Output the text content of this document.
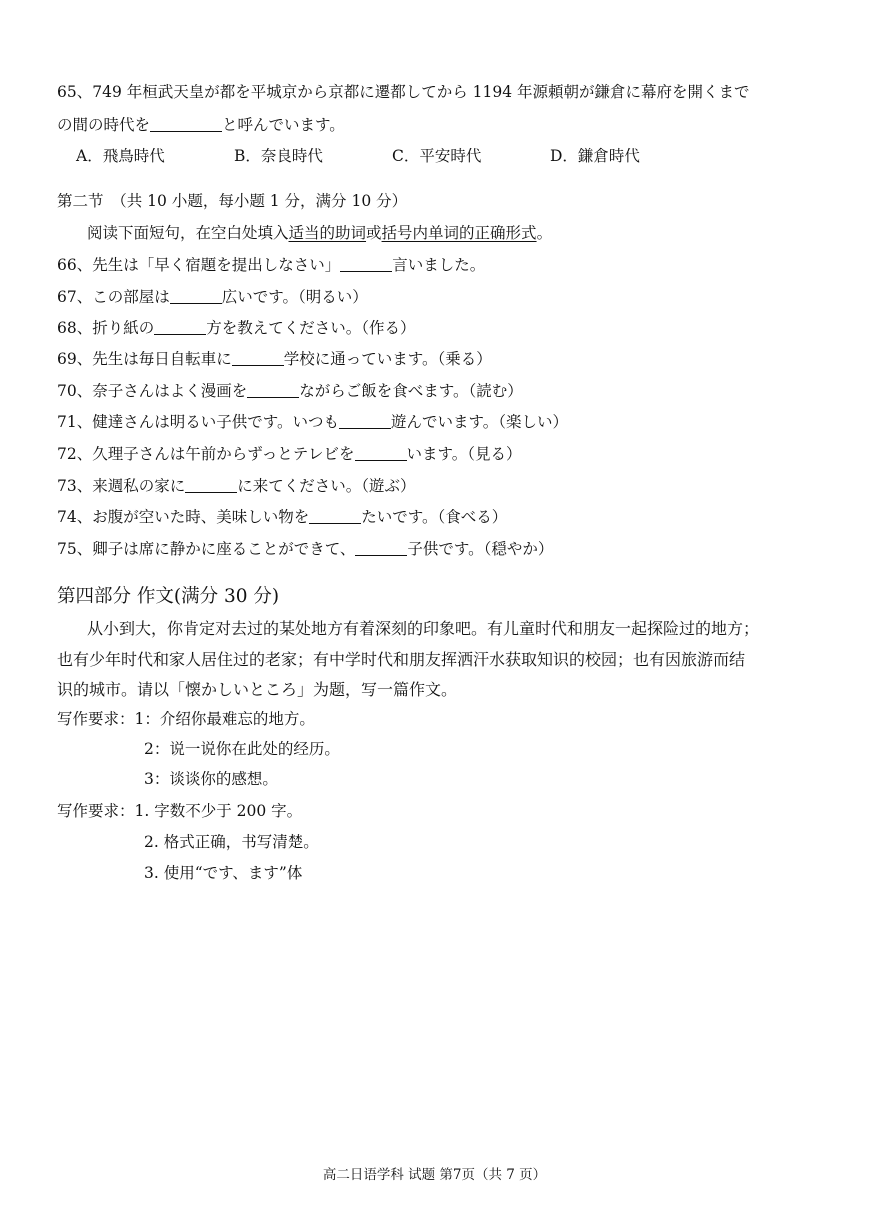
65、749 年桓武天皇が都を平城京から京都に遷都してから 1194 年源頼朝が鎌倉に幕府を開くまで
の間の時代を	と呼んでいます。
A．飛鳥時代	B．奈良時代	C．平安時代	D．鎌倉時代
第二节　（共 10 小题，每小题 1 分，满分 10 分）
阅读下面短句，在空白处填入适当的助词或括号内单词的正确形式。
66、先生は「早く宿題を提出しなさい」	言いました。
67、この部屋は	広いです。（明るい）
68、折り紙の	方を教えてください。（作る）
69、先生は毎日自転車に	学校に通っています。（乗る）
70、奈子さんはよく漫画を	ながらご飯を食べます。（読む）
71、健達さんは明るい子供です。いつも	遊んでいます。（楽しい）
72、久理子さんは午前からずっとテレビを	います。（見る）
73、来週私の家に	に来てください。（遊ぶ）
74、お腹が空いた時、美味しい物を	たいです。（食べる）
75、卿子は席に静かに座ることができて、	子供です。（穏やか）
第四部分 作文(满分 30 分)
从小到大，你肯定对去过的某处地方有着深刻的印象吧。有儿童时代和朋友一起探险过的地方；
也有少年时代和家人居住过的老家；有中学时代和朋友挥洒汗水获取知识的校园；也有因旅游而结
识的城市。请以「懐かしいところ」为题，写一篇作文。
写作要求：1：介绍你最难忘的地方。
2：说一说你在此处的经历。
3：谈谈你的感想。
写作要求：1. 字数不少于 200 字。
2. 格式正确，书写清楚。
3. 使用“です、ます”体
高二日语学科 试题 第7页（共 7 页）
